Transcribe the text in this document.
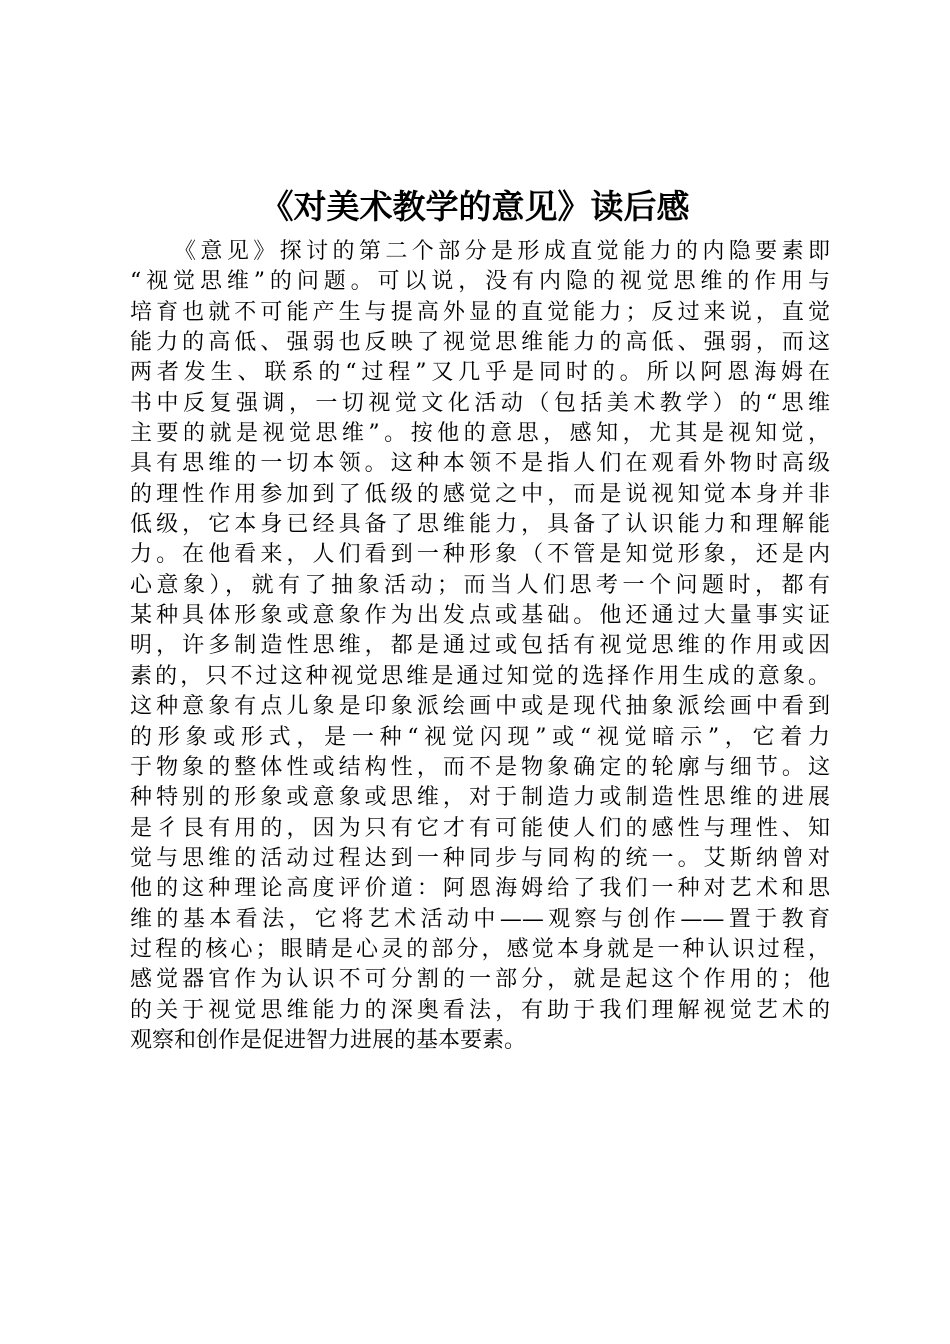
《对美术教学的意见》读后感
《意见》探讨的第二个部分是形成直觉能力的内隐要素即
“视觉思维”的问题。可以说，没有内隐的视觉思维的作用与
培育也就不可能产生与提高外显的直觉能力；反过来说，直觉
能力的高低、强弱也反映了视觉思维能力的高低、强弱，而这
两者发生、联系的“过程”又几乎是同时的。所以阿恩海姆在
书中反复强调，一切视觉文化活动（包括美术教学）的“思维
主要的就是视觉思维”。按他的意思，感知，尤其是视知觉，
具有思维的一切本领。这种本领不是指人们在观看外物时高级
的理性作用参加到了低级的感觉之中，而是说视知觉本身并非
低级，它本身已经具备了思维能力，具备了认识能力和理解能
力。在他看来，人们看到一种形象（不管是知觉形象，还是内
心意象），就有了抽象活动；而当人们思考一个问题时，都有
某种具体形象或意象作为出发点或基础。他还通过大量事实证
明，许多制造性思维，都是通过或包括有视觉思维的作用或因
素的，只不过这种视觉思维是通过知觉的选择作用生成的意象。
这种意象有点儿象是印象派绘画中或是现代抽象派绘画中看到
的形象或形式，是一种“视觉闪现”或“视觉暗示”，它着力
于物象的整体性或结构性，而不是物象确定的轮廓与细节。这
种特别的形象或意象或思维，对于制造力或制造性思维的进展
是彳艮有用的，因为只有它才有可能使人们的感性与理性、知
觉与思维的活动过程达到一种同步与同构的统一。艾斯纳曾对
他的这种理论高度评价道：阿恩海姆给了我们一种对艺术和思
维的基本看法，它将艺术活动中——观察与创作——置于教育
过程的核心；眼睛是心灵的部分，感觉本身就是一种认识过程，
感觉器官作为认识不可分割的一部分，就是起这个作用的；他
的关于视觉思维能力的深奥看法，有助于我们理解视觉艺术的
观察和创作是促进智力进展的基本要素。
